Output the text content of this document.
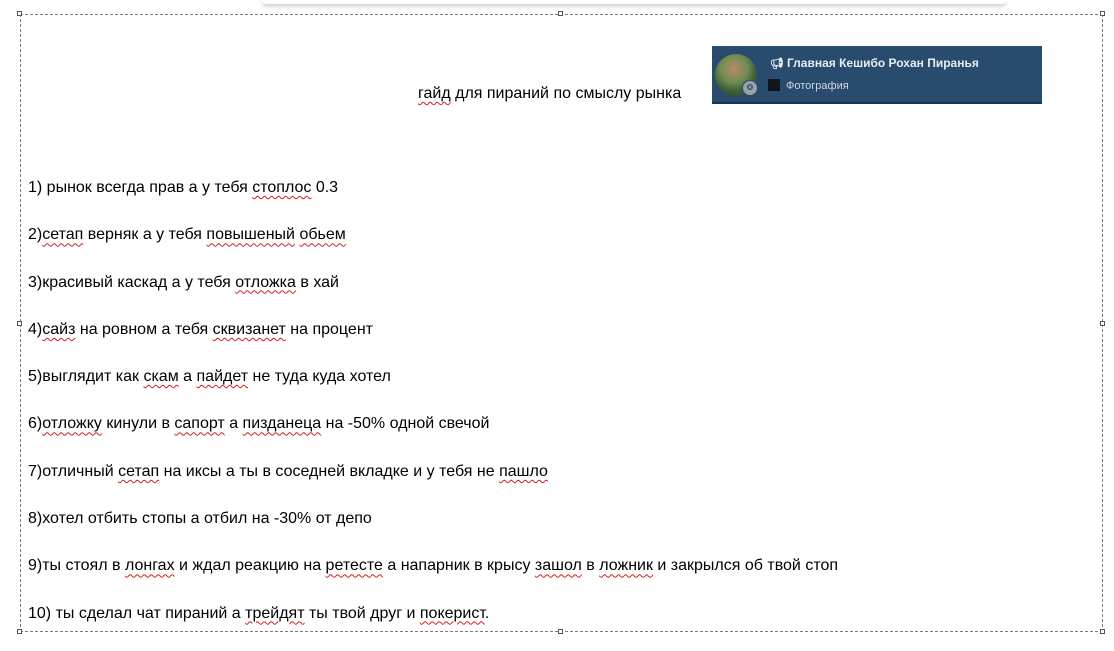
гайд для пираний по смыслу рынка	❂
📢︎ Главная Кешибо Рохан Пиранья
Фотография
1) рынок всегда прав а у тебя стоплос 0.3
2)сетап верняк а у тебя повышеный обьем
3)красивый каскад а у тебя отложка в хай
4)сайз на ровном а тебя сквизанет на процент
5)выглядит как скам а пайдет не туда куда хотел
6)отложку кинули в сапорт а пизданеца на -50% одной свечой
7)отличный сетап на иксы а ты в соседней вкладке и у тебя не пашло
8)хотел отбить стопы а отбил на -30% от депо
9)ты стоял в лонгах и ждал реакцию на ретесте а напарник в крысу зашол в ложник и закрылся об твой стоп
10) ты сделал чат пираний а трейдят ты твой друг и покерист.
